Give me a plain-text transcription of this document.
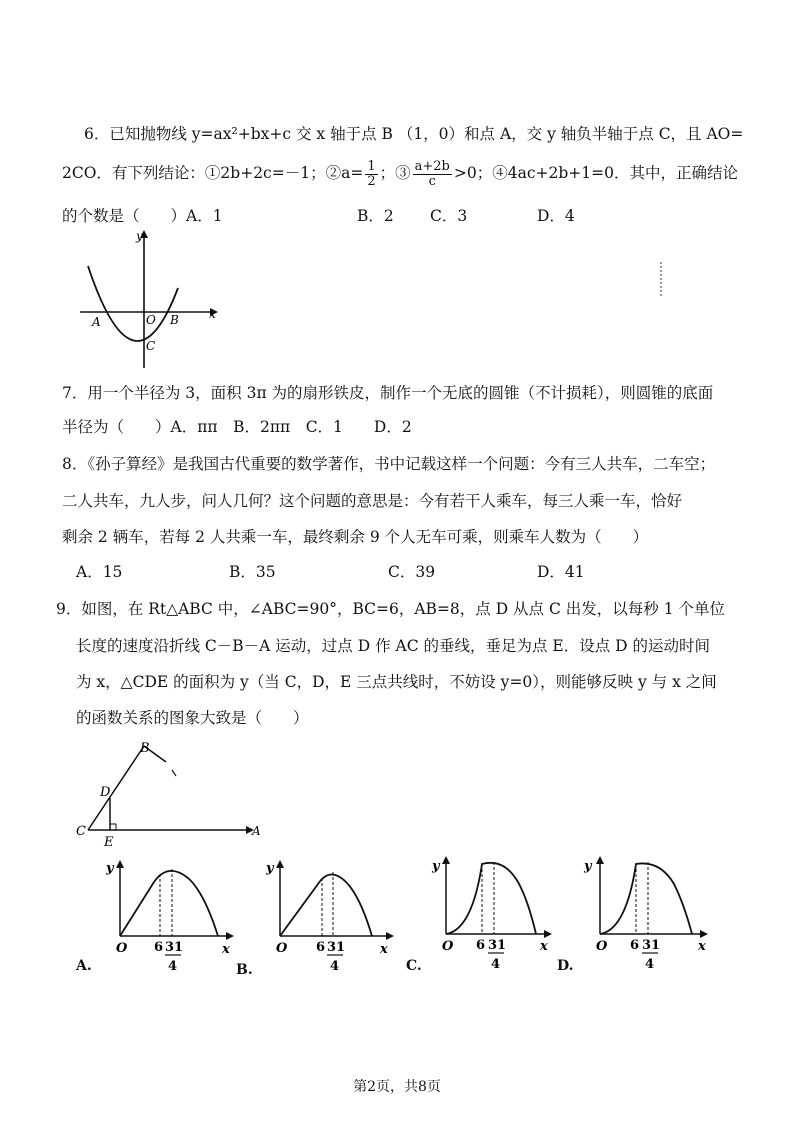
6．已知抛物线 y=ax²+bx+c 交 x 轴于点 B （1，0）和点 A，交 y 轴负半轴于点 C，且 AO=
2CO．有下列结论：①2b+2c=－1；②a= $\frac{1}{2}$ ；③ $\frac{a+2b}{c} >0$；④4ac+2b+1=0．其中，正确结论
的个数是（　　）A．1	B．2 C．3	D．4
y
x
A	O B
C
7．用一个半径为 3，面积 3π 为的扇形铁皮，制作一个无底的圆锥（不计损耗），则圆锥的底面
半径为（　　）A．ππ　B．2ππ　C．1　　D．2
8．《孙子算经》是我国古代重要的数学著作，书中记载这样一个问题：今有三人共车，二车空；
二人共车，九人步，问人几何？这个问题的意思是：今有若干人乘车，每三人乘一车，恰好
剩余 2 辆车，若每 2 人共乘一车，最终剩余 9 个人无车可乘，则乘车人数为（　　）
A．15	B．35	C．39	D．41
9．如图，在 Rt△ABC 中，∠ABC=90°，BC=6，AB=8，点 D 从点 C 出发，以每秒 1 个单位
长度的速度沿折线 C－B－A 运动，过点 D 作 AC 的垂线，垂足为点 E．设点 D 的运动时间
为 x，△CDE 的面积为 y（当 C，D，E 三点共线时，不妨设 y=0），则能够反映 y 与 x 之间
的函数关系的图象大致是（　　）
B
D
C
E
A
y
O	x
6 31
4
A.
y
O	x
6 31
4
B.
y
O	x
6 31
4
C.
y
O	x
6 31
4
D.
第2页，共8页
